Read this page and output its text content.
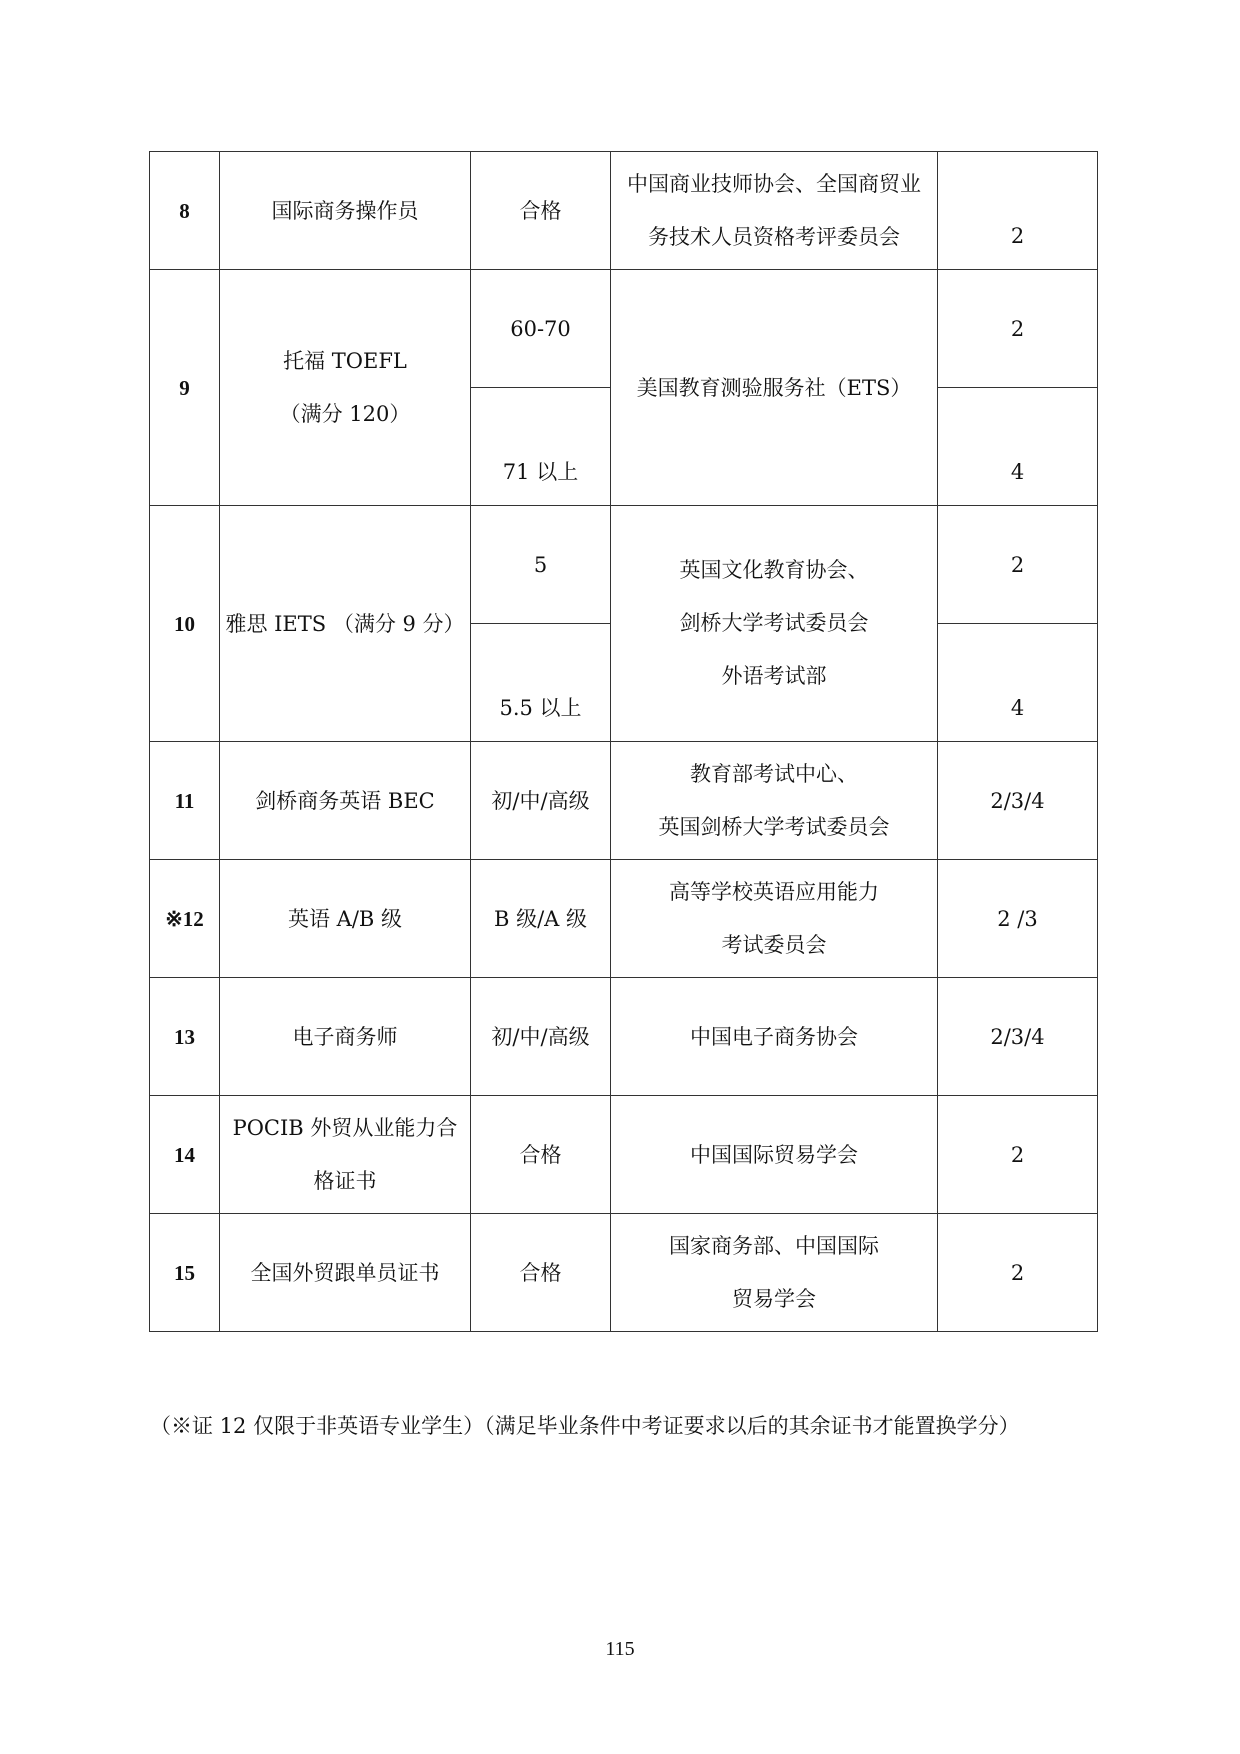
8	国际商务操作员	合格	中国商业技师协会、全国商贸业
务技术人员资格考评委员会	2

9	托福 TOEFL
（满分 120）	60-70	美国教育测验服务社（ETS）	2

		71 以上		4

10	雅思 IETS （满分 9 分）	5	英国文化教育协会、
剑桥大学考试委员会
外语考试部	2

		5.5 以上		4

11	剑桥商务英语 BEC	初/中/高级	教育部考试中心、
英国剑桥大学考试委员会	2/3/4
※12	英语 A/B 级	B 级/A 级	高等学校英语应用能力
考试委员会	2 /3
13	电子商务师	初/中/高级	中国电子商务协会	2/3/4
14	POCIB 外贸从业能力合
格证书	合格	中国国际贸易学会	2
15	全国外贸跟单员证书	合格	国家商务部、中国国际
贸易学会	2
（※证 12 仅限于非英语专业学生）（满足毕业条件中考证要求以后的其余证书才能置换学分）
115
